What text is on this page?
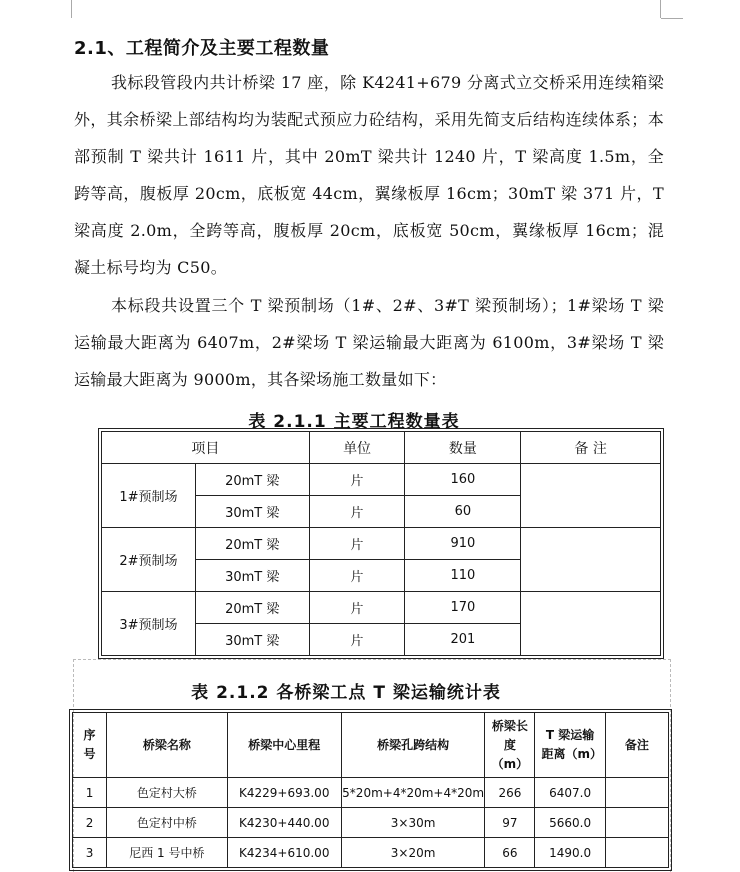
2.1、工程简介及主要工程数量
我标段管段内共计桥梁 17 座，除 K4241+679 分离式立交桥采用连续箱梁外，其余桥梁上部结构均为装配式预应力砼结构，采用先简支后结构连续体系；本部预制 T 梁共计 1611 片，其中 20mT 梁共计 1240 片，T 梁高度 1.5m，全跨等高，腹板厚 20cm，底板宽 44cm，翼缘板厚 16cm；30mT 梁 371 片，T 梁高度 2.0m，全跨等高，腹板厚 20cm，底板宽 50cm，翼缘板厚 16cm；混凝土标号均为 C50。
本标段共设置三个 T 梁预制场（1#、2#、3#T 梁预制场）；1#梁场 T 梁运输最大距离为 6407m，2#梁场 T 梁运输最大距离为 6100m，3#梁场 T 梁运输最大距离为 9000m，其各梁场施工数量如下：
表 2.1.1 主要工程数量表
项目		单位	数量	备 注
1#预制场	20mT 梁	片	160	
	30mT 梁	片	60	
2#预制场	20mT 梁	片	910	
	30mT 梁	片	110	
3#预制场	20mT 梁	片	170	
	30mT 梁	片	201	
表 2.1.2 各桥梁工点 T 梁运输统计表
序号	桥梁名称	桥梁中心里程	桥梁孔跨结构	桥梁长度（m）	T 梁运输距离（m）	备注
1	色定村大桥	K4229+693.00	5*20m+4*20m+4*20m	266	6407.0	
2	色定村中桥	K4230+440.00	3×30m	97	5660.0	
3	尼西 1 号中桥	K4234+610.00	3×20m	66	1490.0	
